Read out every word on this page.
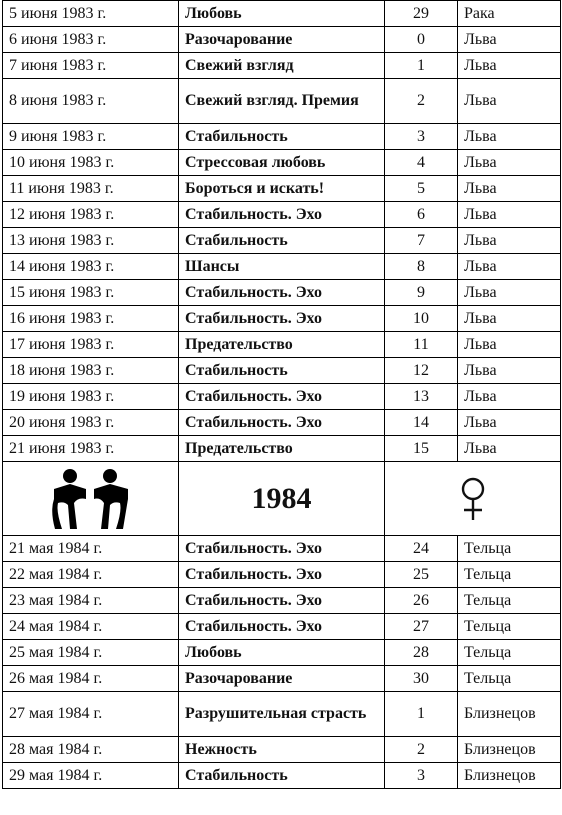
5 июня 1983 г.	Любовь	29	Рака
6 июня 1983 г.	Разочарование	0	Льва
7 июня 1983 г.	Свежий взгляд	1	Льва
8 июня 1983 г.	Свежий взгляд. Премия	2	Льва
9 июня 1983 г.	Стабильность	3	Льва
10 июня 1983 г.	Стрессовая любовь	4	Льва
11 июня 1983 г.	Бороться и искать!	5	Льва
12 июня 1983 г.	Стабильность. Эхо	6	Льва
13 июня 1983 г.	Стабильность	7	Льва
14 июня 1983 г.	Шансы	8	Льва
15 июня 1983 г.	Стабильность. Эхо	9	Льва
16 июня 1983 г.	Стабильность. Эхо	10	Льва
17 июня 1983 г.	Предательство	11	Льва
18 июня 1983 г.	Стабильность	12	Льва
19 июня 1983 г.	Стабильность. Эхо	13	Льва
20 июня 1983 г.	Стабильность. Эхо	14	Льва
21 июня 1983 г.	Предательство	15	Льва

	1984	

21 мая 1984 г.	Стабильность. Эхо	24	Тельца
22 мая 1984 г.	Стабильность. Эхо	25	Тельца
23 мая 1984 г.	Стабильность. Эхо	26	Тельца
24 мая 1984 г.	Стабильность. Эхо	27	Тельца
25 мая 1984 г.	Любовь	28	Тельца
26 мая 1984 г.	Разочарование	30	Тельца
27 мая 1984 г.	Разрушительная страсть	1	Близнецов
28 мая 1984 г.	Нежность	2	Близнецов
29 мая 1984 г.	Стабильность	3	Близнецов
